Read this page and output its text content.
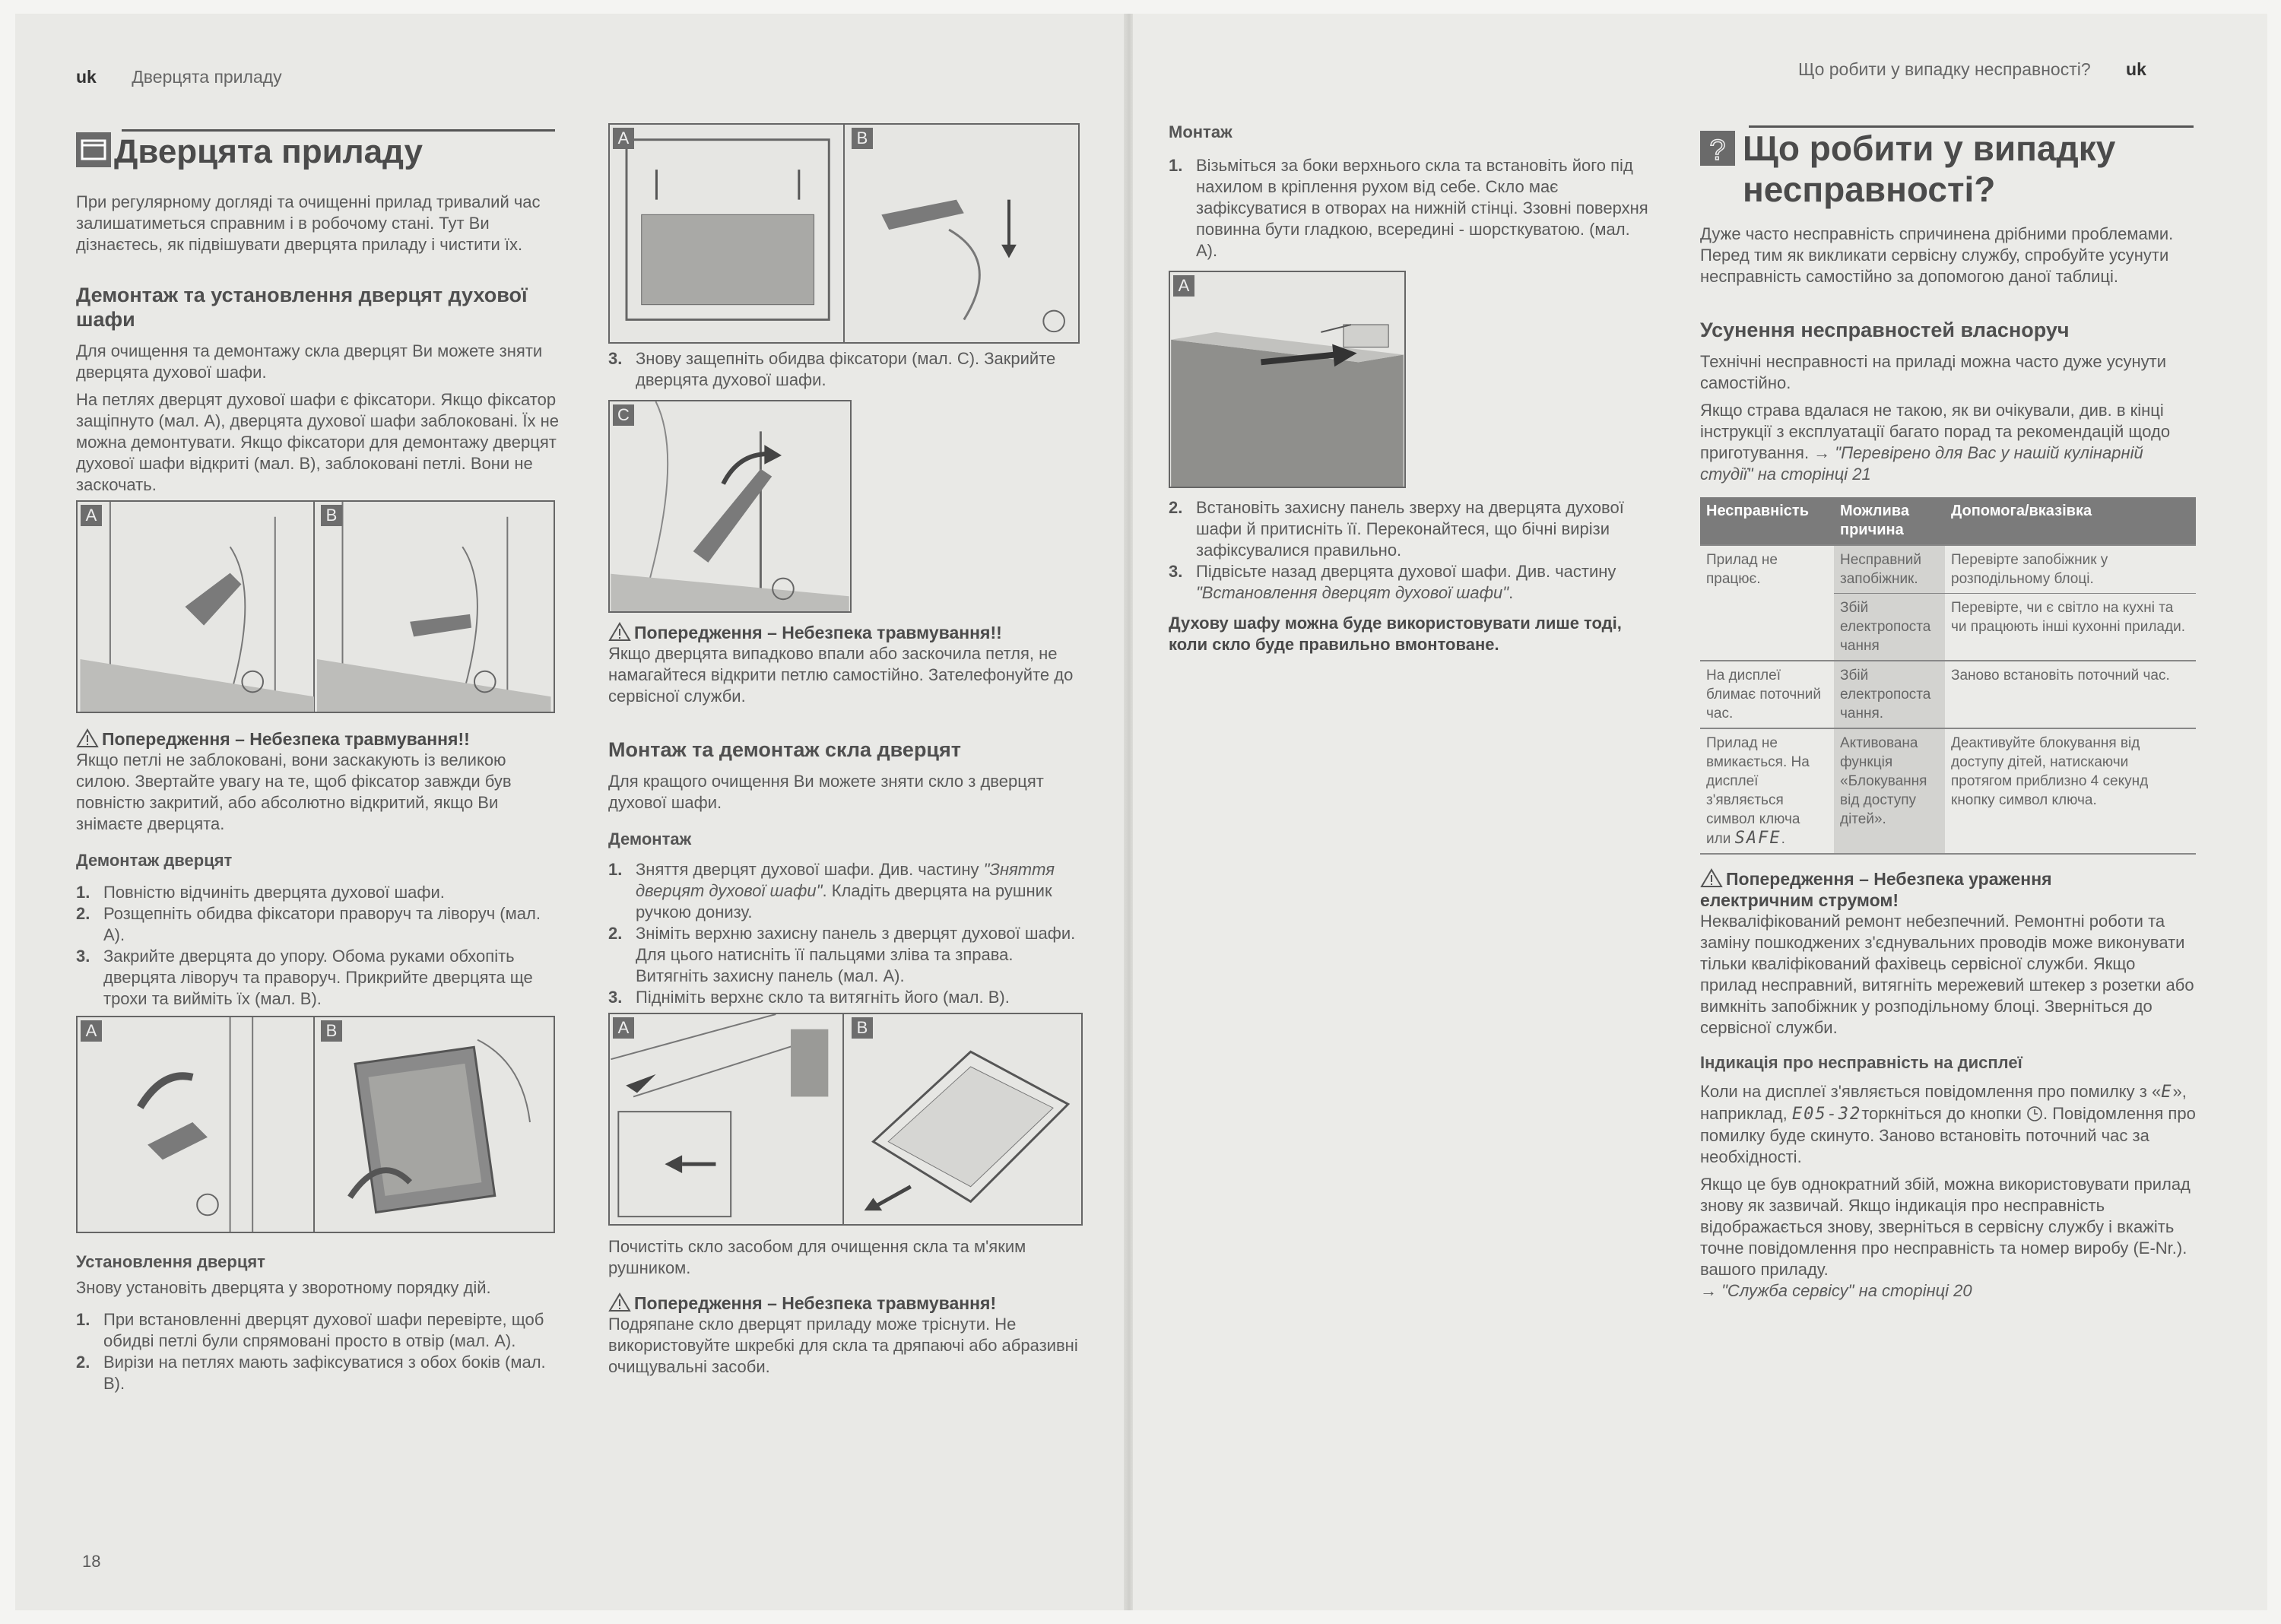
uk Дверцята приладу
Дверцята приладу

При регулярному догляді та очищенні прилад тривалий час залишатиметься справним і в робочому стані. Тут Ви дізнаєтесь, як підвішувати дверцята приладу і чистити їх.

Демонтаж та установлення дверцят духової шафи

Для очищення та демонтажу скла дверцят Ви можете зняти дверцята духової шафи.

На петлях дверцят духової шафи є фіксатори. Якщо фіксатор защіпнуто (мал. А), дверцята духової шафи заблоковані. Їх не можна демонтувати. Якщо фіксатори для демонтажу дверцят духової шафи відкриті (мал. В), заблоковані петлі. Вони не заскочать.

A	B
Попередження – Небезпека травмування!!

Якщо петлі не заблоковані, вони заскакують із великою силою. Звертайте увагу на те, щоб фіксатор завжди був повністю закритий, або абсолютно відкритий, якщо Ви знімаєте дверцята.

Демонтаж дверцят
1. Повністю відчиніть дверцята духової шафи.
2. Розщепніть обидва фіксатори праворуч та ліворуч (мал. А).
3. Закрийте дверцята до упору. Обома руками обхопіть дверцята ліворуч та праворуч. Прикрийте дверцята ще трохи та вийміть їх (мал. В).
A	B
Установлення дверцят

Знову установіть дверцята у зворотному порядку дій.

1. При встановленні дверцят духової шафи перевірте, щоб обидві петлі були спрямовані просто в отвір (мал. А).
2. Вирізи на петлях мають зафіксуватися з обох боків (мал. В).
18
A	B
3. Знову защепніть обидва фіксатори (мал. С). Закрийте дверцята духової шафи.
C
Попередження – Небезпека травмування!!

Якщо дверцята випадково впали або заскочила петля, не намагайтеся відкрити петлю самостійно. Зателефонуйте до сервісної служби.

Монтаж та демонтаж скла дверцят

Для кращого очищення Ви можете зняти скло з дверцят духової шафи.

Демонтаж
1. Зняття дверцят духової шафи. Див. частину "Зняття дверцят духової шафи". Кладіть дверцята на рушник ручкою донизу.
2. Зніміть верхню захисну панель з дверцят духової шафи. Для цього натисніть її пальцями зліва та зправа. Витягніть захисну панель (мал. А).
3. Підніміть верхнє скло та витягніть його (мал. В).
A	B

Почистіть скло засобом для очищення скла та м'яким рушником.

Попередження – Небезпека травмування!

Подряпане скло дверцят приладу може тріснути. Не використовуйте шкребкі для скла та дряпаючі або абразивні очищувальні засоби.

Монтаж
1. Візьміться за боки верхнього скла та встановіть його під нахилом в кріплення рухом від себе. Скло має зафіксуватися в отворах на нижній стінці. Ззовні поверхня повинна бути гладкою, всередині - шорсткуватою. (мал. А).
A
2. Встановіть захисну панель зверху на дверцята духової шафи й притисніть її. Переконайтеся, що бічні вирізи зафіксувалися правильно.
3. Підвісьте назад дверцята духової шафи. Див. частину "Встановлення дверцят духової шафи".

Духову шафу можна буде використовувати лише тоді, коли скло буде правильно вмонтоване.

Що робити у випадку несправності? uk
? Що робити у випадку несправності?

Дуже часто несправність спричинена дрібними проблемами. Перед тим як викликати сервісну службу, спробуйте усунути несправність самостійно за допомогою даної таблиці.

Усунення несправностей власноруч

Технічні несправності на приладі можна часто дуже усунути самостійно.

Якщо страва вдалася не такою, як ви очікували, див. в кінці інструкції з експлуатації багато порад та рекомендацій щодо приготування. → "Перевірено для Вас у нашій кулінарній студії" на сторінці 21

Несправність	Можлива причина	Допомога/вказівка
Прилад не працює.	Несправний запобіжник.	Перевірте запобіжник у розподільному блоці.
	Збій електропоста чання	Перевірте, чи є світло на кухні та чи працюють інші кухонні прилади.
На дисплеї блимає поточний час.	Збій електропоста чання.	Заново встановіть поточний час.
Прилад не вмикається. На дисплеї з'являється символ ключа или SAFE.	Активована функція «Блокування від доступу дітей».	Деактивуйте блокування від доступу дітей, натискаючи протягом приблизно 4 секунд кнопку символ ключа.
Попередження – Небезпека ураження електричним струмом!

Некваліфікований ремонт небезпечний. Ремонтні роботи та заміну пошкоджених з'єднувальних проводів може виконувати тільки кваліфікований фахівець сервісної служби. Якщо прилад несправний, витягніть мережевий штекер з розетки або вимкніть запобіжник у розподільному блоці. Зверніться до сервісної служби.

Індикація про несправність на дисплеї

Коли на дисплеї з'являється повідомлення про помилку з «E», наприклад, E05-32торкніться до кнопки . Повідомлення про помилку буде скинуто. Заново встановіть поточний час за необхідності.

Якщо це був однократний збій, можна використовувати прилад знову як зазвичай. Якщо індикація про несправність відображається знову, зверніться в сервісну службу і вкажіть точне повідомлення про несправність та номер виробу (E-Nr.). вашого приладу.
→ "Служба сервісу" на сторінці 20
